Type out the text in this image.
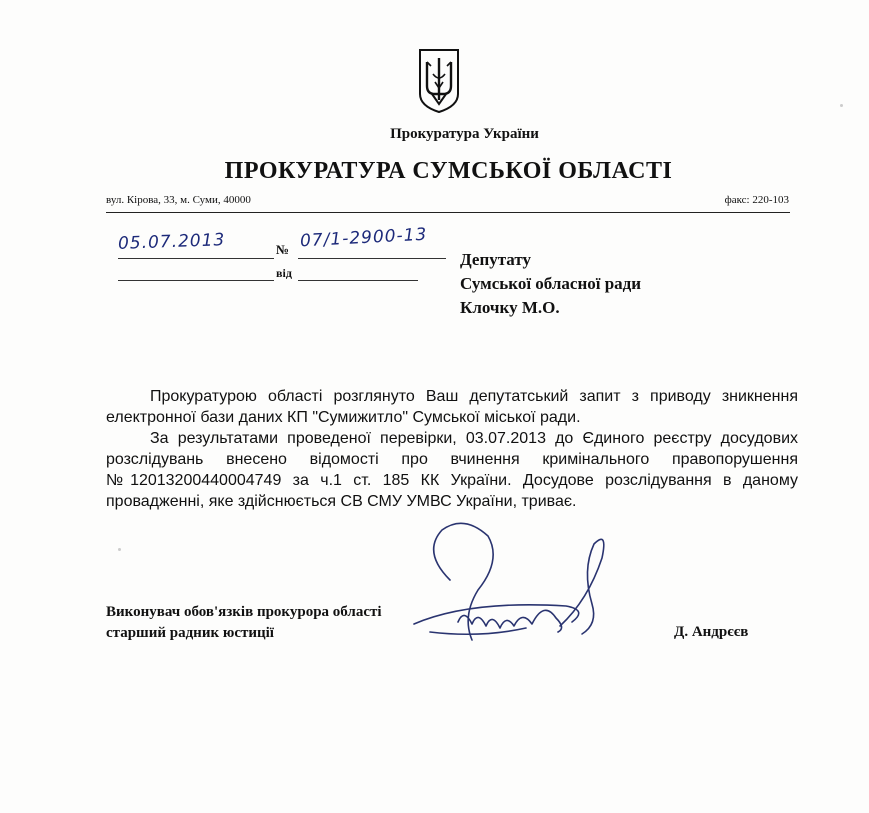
Прокуратура України
ПРОКУРАТУРА СУМСЬКОЇ ОБЛАСТІ
вул. Кірова, 33, м. Суми, 40000	факс: 220-103
05.07.2013	№ 07/1-2900-13
від
Депутату
Сумської обласної ради
Клочку М.О.

Прокуратурою області розглянуто Ваш депутатський запит з приводу зникнення електронної бази даних КП "Сумижитло" Сумської міської ради.

За результатами проведеної перевірки, 03.07.2013 до Єдиного реєстру досудових розслідувань внесено відомості про вчинення кримінального правопорушення №12013200440004749 за ч.1 ст. 185 КК України. Досудове розслідування в даному провадженні, яке здійснюється СВ СМУ УМВС України, триває.

Виконувач обов'язків прокурора області
старший радник юстиції	Д. Андрєєв
